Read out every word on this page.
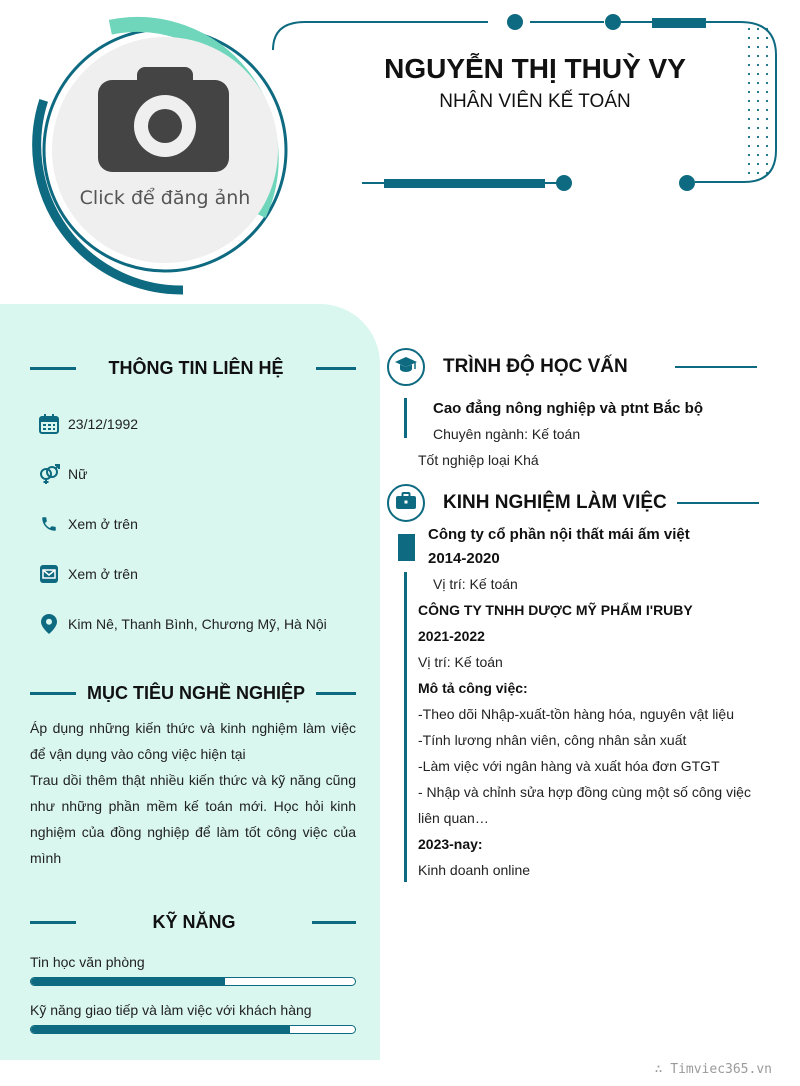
Click để đăng ảnh
NGUYỄN THỊ THUỲ VY
NHÂN VIÊN KẾ TOÁN
THÔNG TIN LIÊN HỆ
23/12/1992
Nữ
Xem ở trên
Xem ở trên
Kim Nê, Thanh Bình, Chương Mỹ, Hà Nội
MỤC TIÊU NGHỀ NGHIỆP
Áp dụng những kiến thức và kinh nghiệm làm việc để vận dụng vào công việc hiện tại
Trau dồi thêm thật nhiều kiến thức và kỹ năng cũng như những phần mềm kế toán mới. Học hỏi kinh nghiệm của đồng nghiệp để làm tốt công việc của mình
KỸ NĂNG
Tin học văn phòng
Kỹ năng giao tiếp và làm việc với khách hàng
TRÌNH ĐỘ HỌC VẤN
Cao đẳng nông nghiệp và ptnt Bắc bộ
Chuyên ngành: Kế toán
Tốt nghiệp loại Khá
KINH NGHIỆM LÀM VIỆC
Công ty cổ phần nội thất mái ấm việt
2014-2020
Vị trí: Kế toán
CÔNG TY TNHH DƯỢC MỸ PHẨM I'RUBY
2021-2022
Vị trí: Kế toán
Mô tả công việc:
-Theo dõi Nhập-xuất-tồn hàng hóa, nguyên vật liệu
-Tính lương nhân viên, công nhân sản xuất
-Làm việc với ngân hàng và xuất hóa đơn GTGT
- Nhập và chỉnh sửa hợp đồng cùng một số công việc
liên quan…
2023-nay:
Kinh doanh online
∴ Timviec365.vn
